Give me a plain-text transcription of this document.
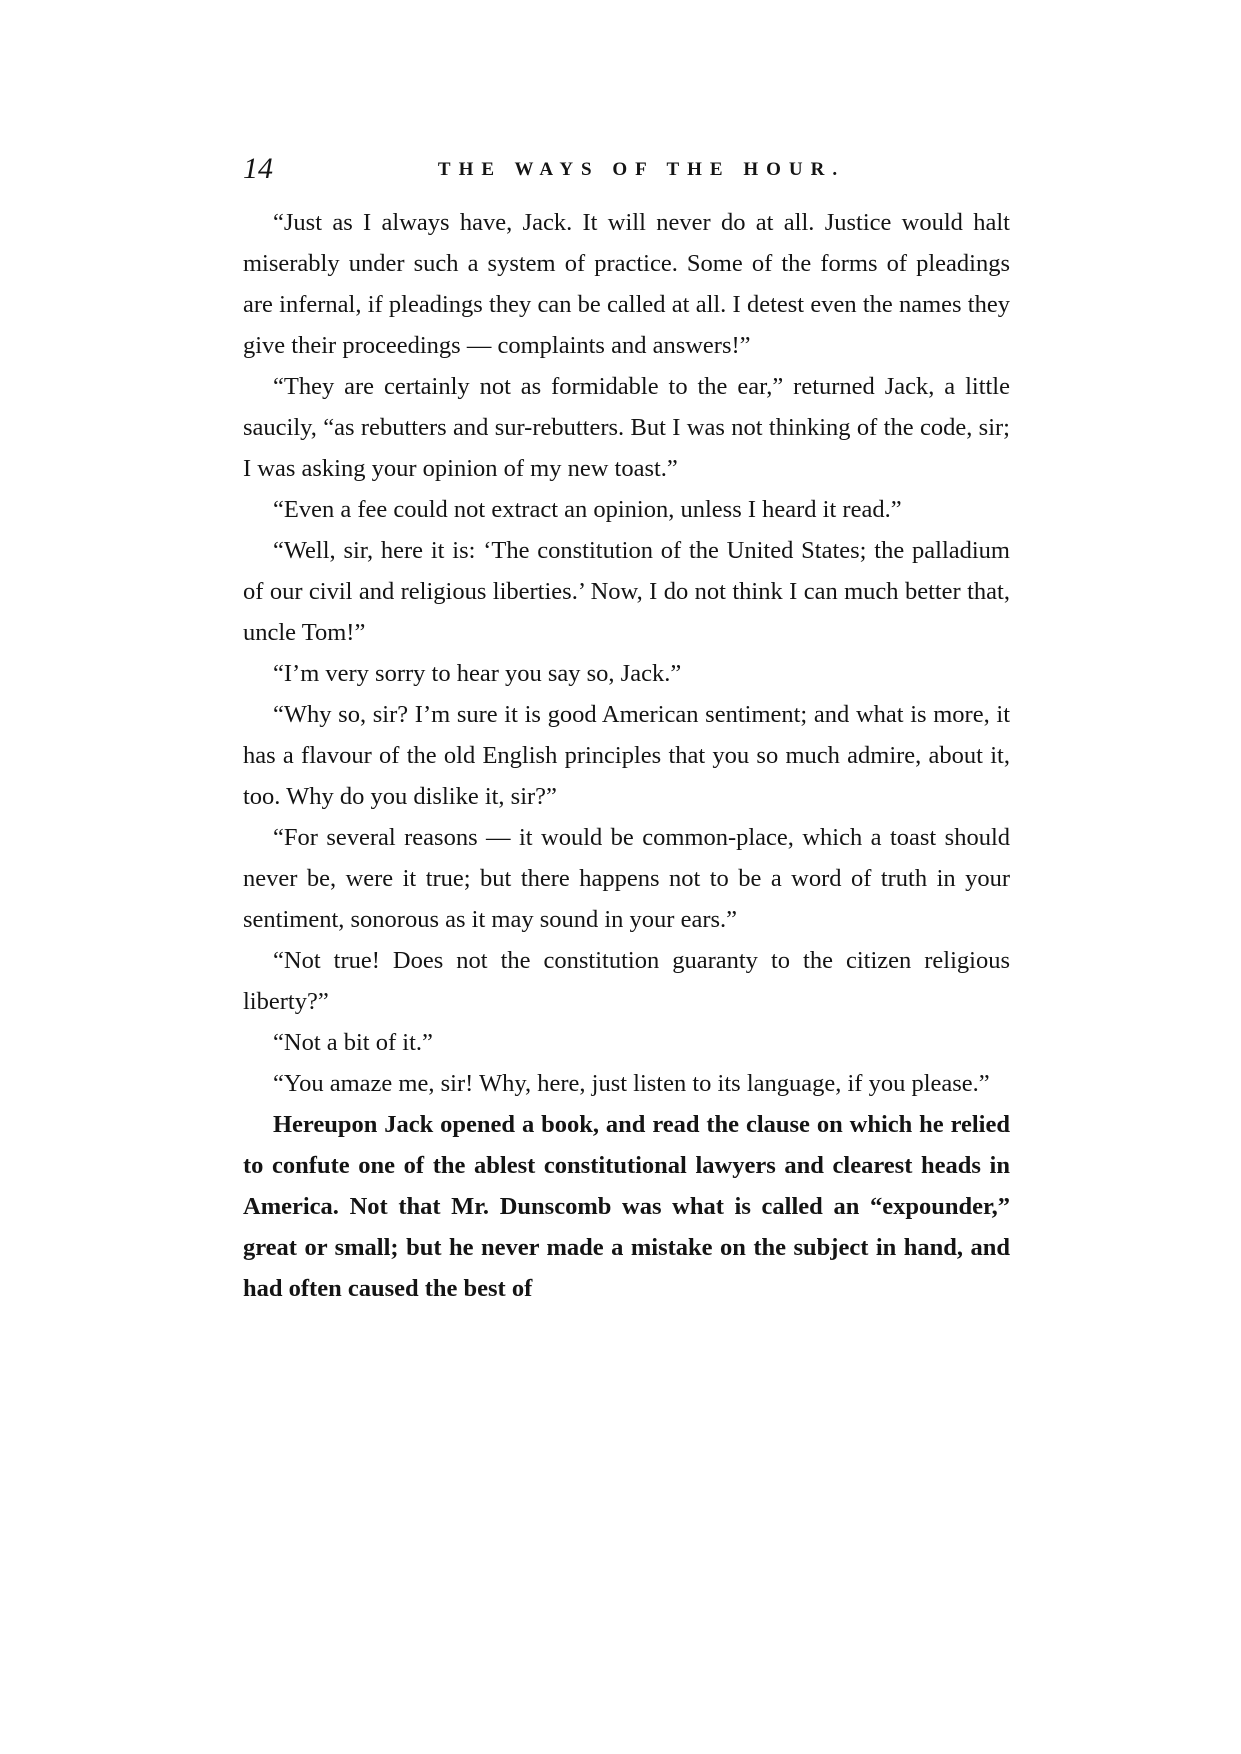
14	THE WAYS OF THE HOUR.

“Just as I always have, Jack. It will never do at all. Justice would halt miserably under such a system of practice. Some of the forms of pleadings are infernal, if pleadings they can be called at all. I detest even the names they give their proceedings — complaints and answers!”

“They are certainly not as formidable to the ear,” returned Jack, a little saucily, “as rebutters and sur-rebutters. But I was not thinking of the code, sir; I was asking your opinion of my new toast.”

“Even a fee could not extract an opinion, unless I heard it read.”

“Well, sir, here it is: ‘The constitution of the United States; the palladium of our civil and religious liberties.’ Now, I do not think I can much better that, uncle Tom!”

“I’m very sorry to hear you say so, Jack.”

“Why so, sir? I’m sure it is good American sentiment; and what is more, it has a flavour of the old English principles that you so much admire, about it, too. Why do you dislike it, sir?”

“For several reasons — it would be common-place, which a toast should never be, were it true; but there happens not to be a word of truth in your sentiment, sonorous as it may sound in your ears.”

“Not true! Does not the constitution guaranty to the citizen religious liberty?”

“Not a bit of it.”

“You amaze me, sir! Why, here, just listen to its language, if you please.”

Hereupon Jack opened a book, and read the clause on which he relied to confute one of the ablest constitutional lawyers and clearest heads in America. Not that Mr. Dunscomb was what is called an “expounder,” great or small; but he never made a mistake on the subject in hand, and had often caused the best of
